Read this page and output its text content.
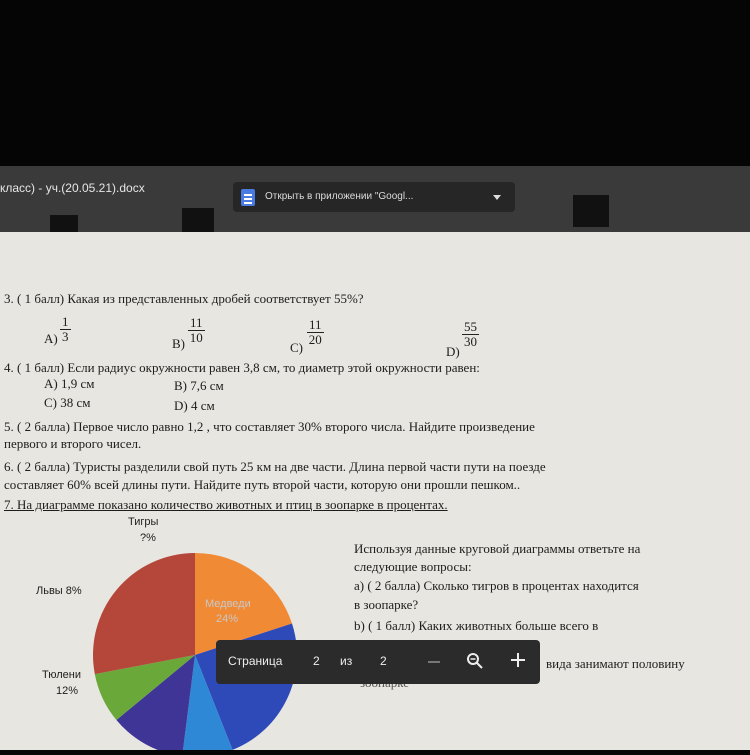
класс) - уч.(20.05.21).docx
Открыть в приложении "Googl...
3. ( 1 балл) Какая из представленных дробей соответствует 55%?
$А) \frac{1}{3}$	$В) \frac{11}{10}$
С)
$\frac{11}{20}$
D)
$\frac{55}{30}$
4. ( 1 балл) Если радиус окружности равен 3,8 см, то диаметр этой окружности равен:
А) 1,9 см	В) 7,6 см
С) 38 см	D) 4 см
5. ( 2 балла) Первое число равно 1,2 , что составляет 30% второго числа. Найдите произведение
первого и второго чисел.
6. ( 2 балла) Туристы разделили свой путь 25 км на две части. Длина первой части пути на поезде
составляет 60% всей длины пути. Найдите путь второй части, которую они прошли пешком..
7. На диаграмме показано количество животных и птиц в зоопарке в процентах.
Тигры
?%
Львы 8%
Тюлени
12%
Медведи
24%
Используя данные круговой диаграммы ответьте на
следующие вопросы:
а) ( 2 балла) Сколько тигров в процентах находится
в зоопарке?
b) ( 1 балл) Каких животных больше всего в
вида занимают половину
Страница	2 из 2
